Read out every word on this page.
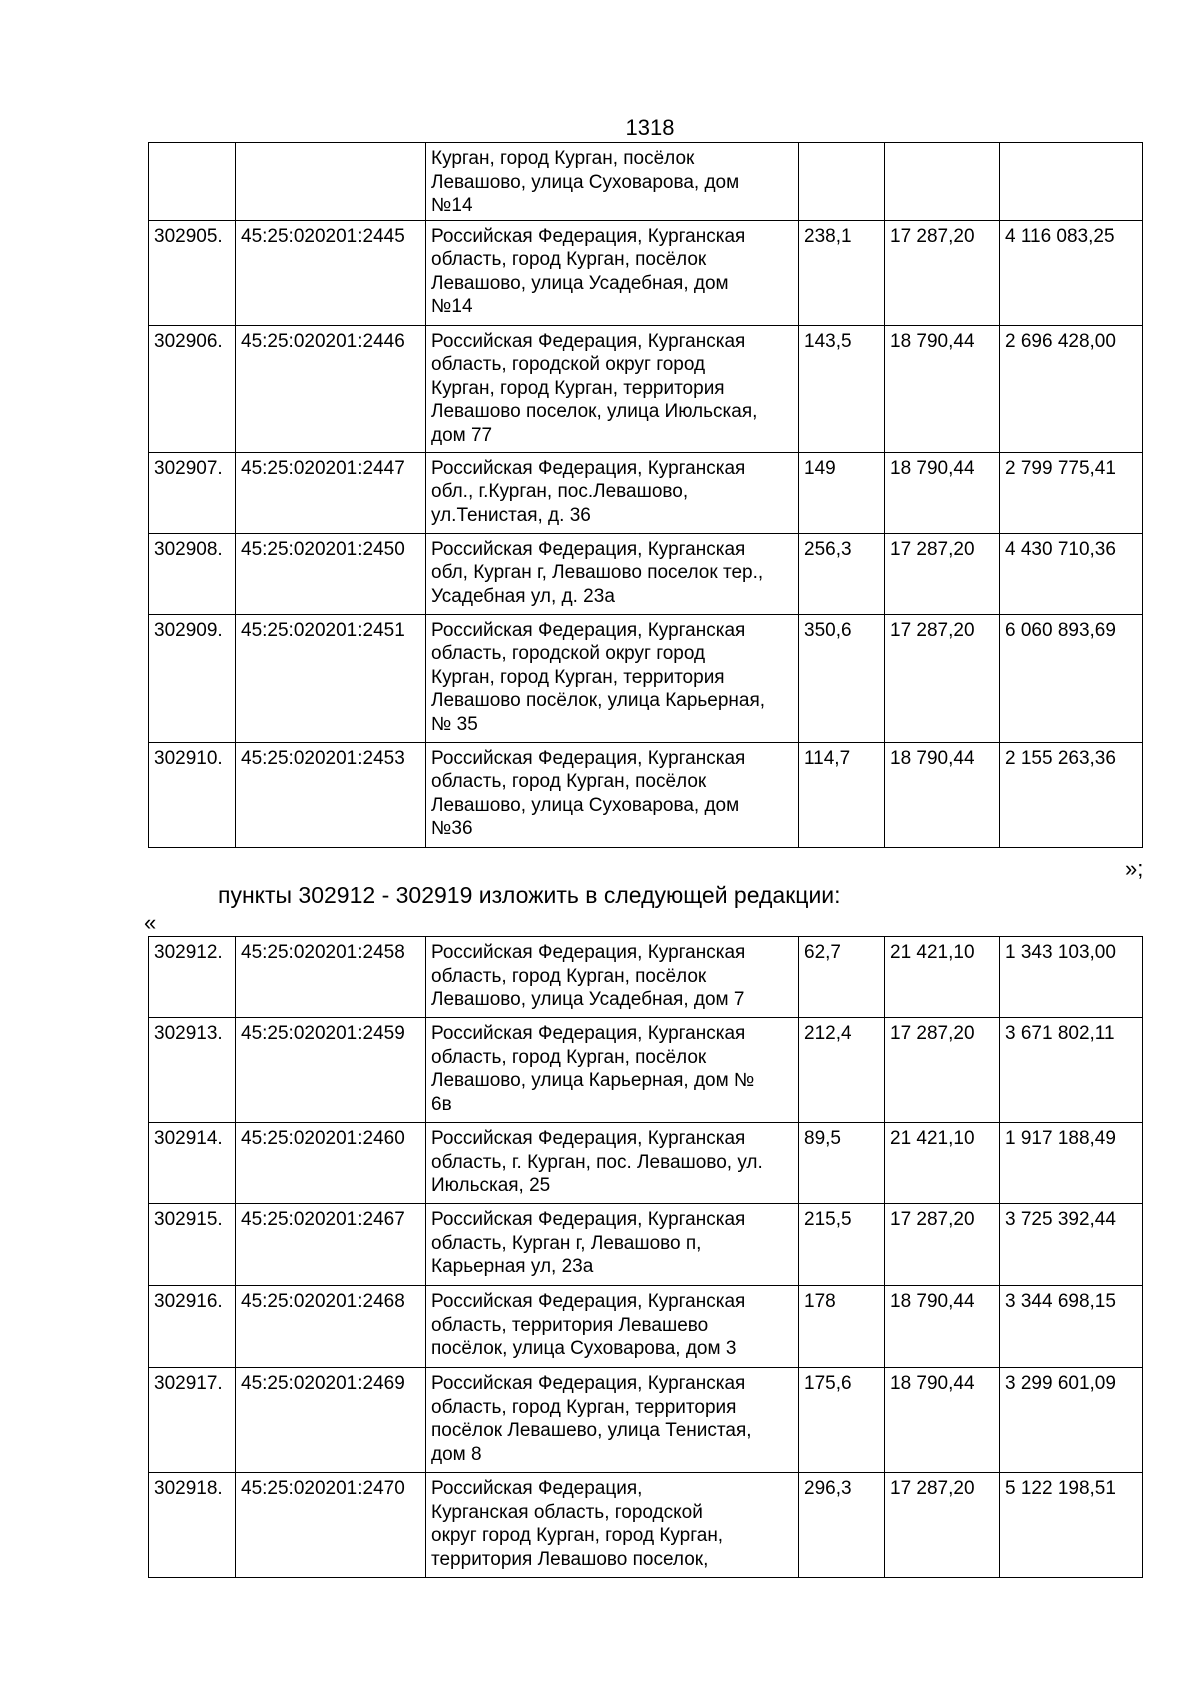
1318
		Курган, город Курган, посёлок
Левашово, улица Суховарова, дом
№14			
302905.	45:25:020201:2445	Российская Федерация, Курганская
область, город Курган, посёлок
Левашово, улица Усадебная, дом
№14	238,1	17 287,20	4 116 083,25
302906.	45:25:020201:2446	Российская Федерация, Курганская
область, городской округ город
Курган, город Курган, территория
Левашово поселок, улица Июльская,
дом 77	143,5	18 790,44	2 696 428,00
302907.	45:25:020201:2447	Российская Федерация, Курганская
обл., г.Курган, пос.Левашово,
ул.Тенистая, д. 36	149	18 790,44	2 799 775,41
302908.	45:25:020201:2450	Российская Федерация, Курганская
обл, Курган г, Левашово поселок тер.,
Усадебная ул, д. 23а	256,3	17 287,20	4 430 710,36
302909.	45:25:020201:2451	Российская Федерация, Курганская
область, городской округ город
Курган, город Курган, территория
Левашово посёлок, улица Карьерная,
№ 35	350,6	17 287,20	6 060 893,69
302910.	45:25:020201:2453	Российская Федерация, Курганская
область, город Курган, посёлок
Левашово, улица Суховарова, дом
№36	114,7	18 790,44	2 155 263,36
»;
пункты 302912 - 302919 изложить в следующей редакции:
«
302912.	45:25:020201:2458	Российская Федерация, Курганская
область, город Курган, посёлок
Левашово, улица Усадебная, дом 7	62,7	21 421,10	1 343 103,00
302913.	45:25:020201:2459	Российская Федерация, Курганская
область, город Курган, посёлок
Левашово, улица Карьерная, дом №
6в	212,4	17 287,20	3 671 802,11
302914.	45:25:020201:2460	Российская Федерация, Курганская
область, г. Курган, пос. Левашово, ул.
Июльская, 25	89,5	21 421,10	1 917 188,49
302915.	45:25:020201:2467	Российская Федерация, Курганская
область, Курган г, Левашово п,
Карьерная ул, 23а	215,5	17 287,20	3 725 392,44
302916.	45:25:020201:2468	Российская Федерация, Курганская
область, территория Левашево
посёлок, улица Суховарова, дом 3	178	18 790,44	3 344 698,15
302917.	45:25:020201:2469	Российская Федерация, Курганская
область, город Курган, территория
посёлок Левашево, улица Тенистая,
дом 8	175,6	18 790,44	3 299 601,09
302918.	45:25:020201:2470	Российская Федерация,
Курганская область, городской
округ город Курган, город Курган,
территория Левашово поселок,	296,3	17 287,20	5 122 198,51
